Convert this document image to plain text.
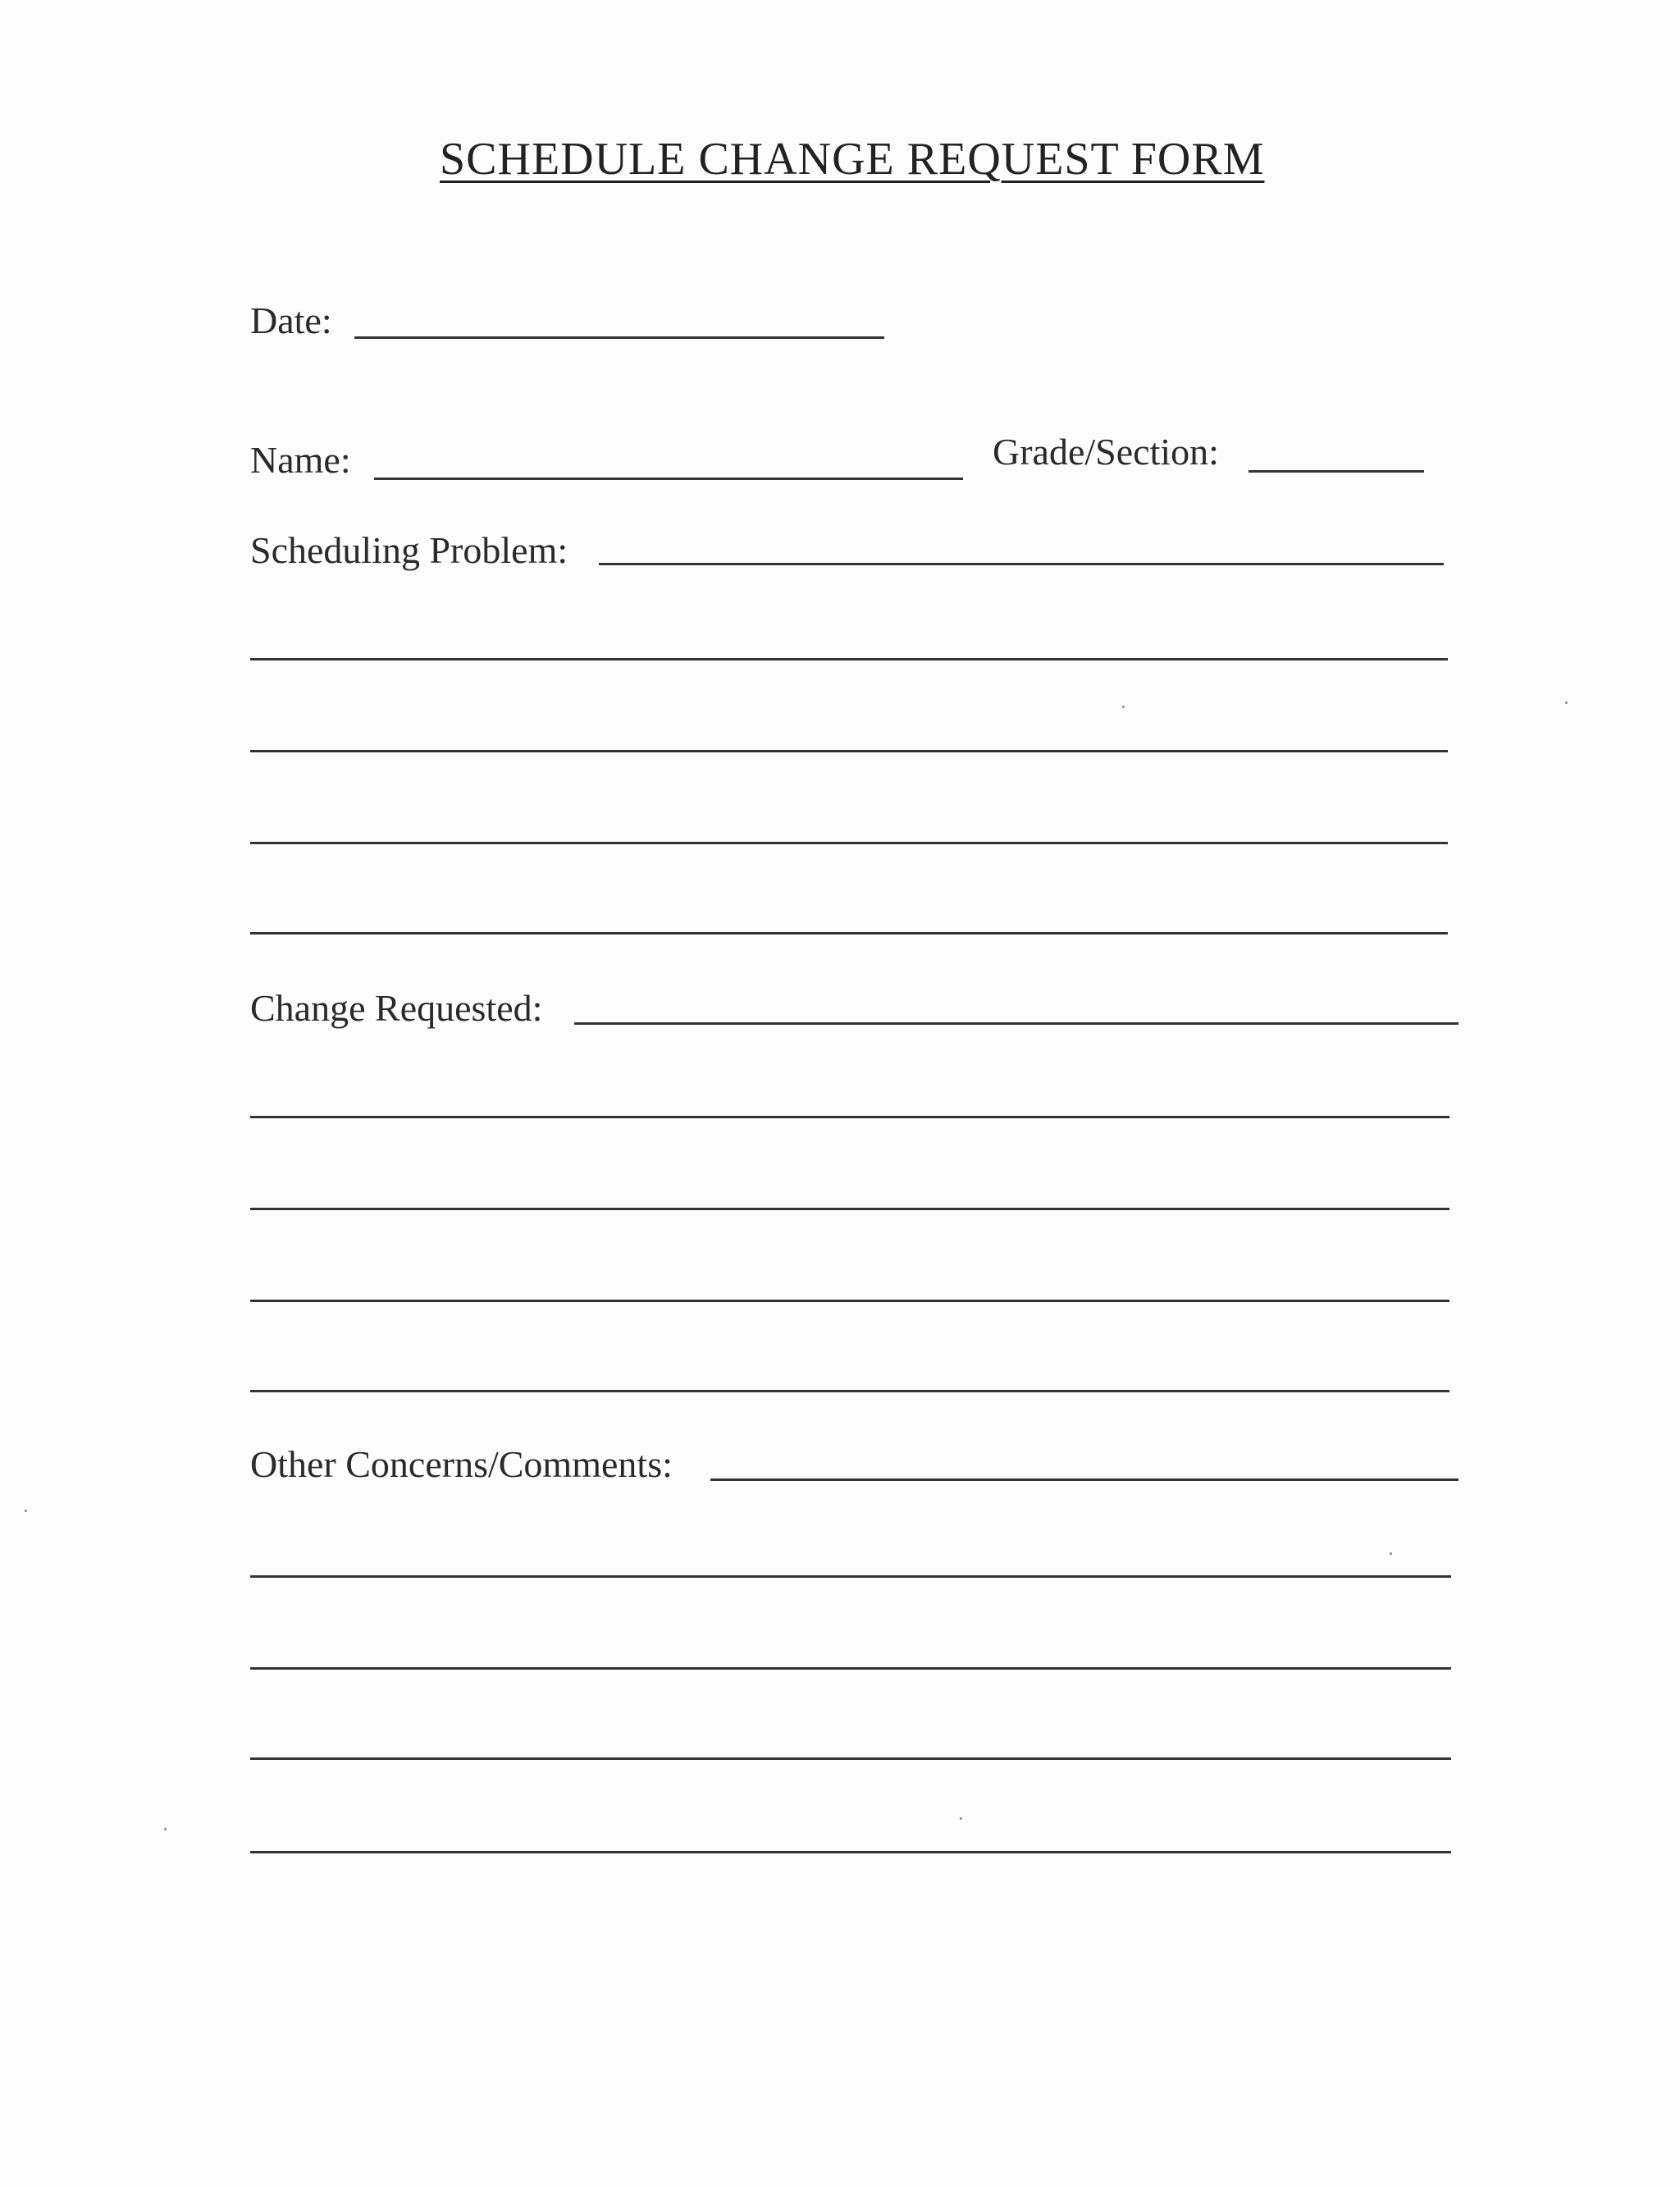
SCHEDULE CHANGE REQUEST FORM
Date:
Name:	Grade/Section:
Scheduling Problem:
Change Requested:
Other Concerns/Comments:
